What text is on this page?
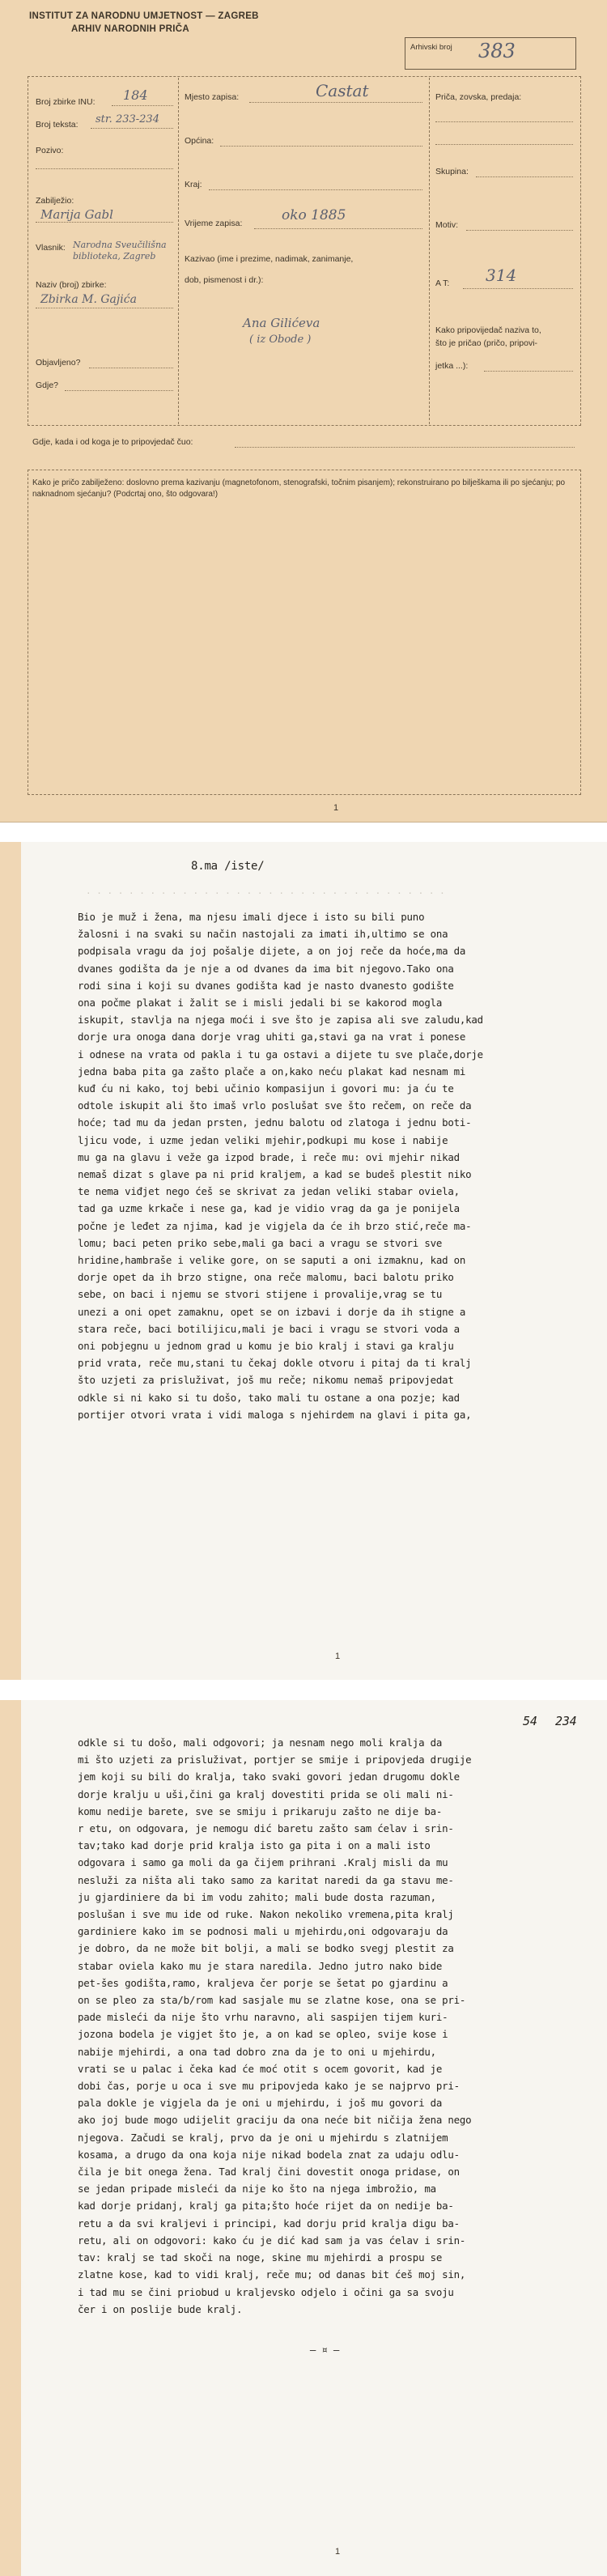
INSTITUT ZA NARODNU UMJETNOST — ZAGREB
ARHIV NARODNIH PRIČA
Arhivski broj 383
Broj zbirke INU: 184
Broj teksta: str. 233-234
Pozivo:
Zabilježio:
Marija Gabl
Vlasnik: Narodna Sveučilišna biblioteka, Zagreb
Naziv (broj) zbirke:
Zbirka M. Gajića
Objavljeno?
Gdje?
Mjesto zapisa:	Castat
Općina:
Kraj:
Vrijeme zapisa:	oko 1885
Kazivao (ime i prezime, nadimak, zanimanje,
dob, pismenost i dr.):
Ana Gilićeva
( iz Obode )
Priča, zovska, predaja:
Skupina:
Motiv:
A T: 314
Kako pripovijedač naziva to,
što je pričao (pričo, pripovi-
jetka ...):
Gdje, kada i od koga je to pripovjedač čuo:
Kako je pričo zabilježeno: doslovno prema kazivanju (magnetofonom, stenografski, točnim pisanjem); rekonstruirano po bilješkama ili po sjećanju; po naknadnom sjećanju? (Podcrtaj ono, što odgovara!)
1
8.ma /iste/
. . . . . . . . . . . . . . . . . . . . . . . . . . . . . . . . . .
Bio je muž i žena, ma njesu imali djece i isto su bili puno
žalosni i na svaki su način nastojali za imati ih,ultimo se ona
podpisala vragu da joj pošalje dijete, a on joj reče da hoće,ma da
dvanes godišta da je nje a od dvanes da ima bit njegovo.Tako ona
rodi sina i koji su dvanes godišta kad je nasto dvanesto godište
ona počme plakat i žalit se i misli jedali bi se kakorod mogla
iskupit, stavlja na njega moći i sve što je zapisa ali sve zaludu,kad
dorje ura onoga dana dorje vrag uhiti ga,stavi ga na vrat i ponese
i odnese na vrata od pakla i tu ga ostavi a dijete tu sve plače,dorje
jedna baba pita ga zašto plače a on,kako neću plakat kad nesnam mi
kuđ ću ni kako, toj bebi učinio kompasijun i govori mu: ja ću te
odtole iskupit ali što imaš vrlo poslušat sve što rečem, on reče da
hoće; tad mu da jedan prsten, jednu balotu od zlatoga i jednu boti-
ljicu vode, i uzme jedan veliki mjehir,podkupi mu kose i nabije
mu ga na glavu i veže ga izpod brade, i reče mu: ovi mjehir nikad
nemaš dizat s glave pa ni prid kraljem, a kad se budeš plestit niko
te nema viđjet nego ćeš se skrivat za jedan veliki stabar oviela,
tad ga uzme krkače i nese ga, kad je vidio vrag da ga je ponijela
počne je leđet za njima, kad je vigjela da će ih brzo stić,reče ma-
lomu; baci peten priko sebe,mali ga baci a vragu se stvori sve
hridine,hambraše i velike gore, on se saputi a oni izmaknu, kad on
dorje opet da ih brzo stigne, ona reče malomu, baci balotu priko
sebe, on baci i njemu se stvori stijene i provalije,vrag se tu
unezi a oni opet zamaknu, opet se on izbavi i dorje da ih stigne a
stara reče, baci botilijicu,mali je baci i vragu se stvori voda a
oni pobjegnu u jednom grad u komu je bio kralj i stavi ga kralju
prid vrata, reče mu,stani tu čekaj dokle otvoru i pitaj da ti kralj
što uzjeti za prisluživat, još mu reče; nikomu nemaš pripovjedat
odkle si ni kako si tu došo, tako mali tu ostane a ona pozje; kad
portijer otvori vrata i vidi maloga s njehirdem na glavi i pita ga,
1
54	234
odkle si tu došo, mali odgovori; ja nesnam nego moli kralja da
mi što uzjeti za prisluživat, portjer se smije i pripovjeda drugije
jem koji su bili do kralja, tako svaki govori jedan drugomu dokle
dorje kralju u uši,čini ga kralj dovestiti prida se oli mali ni-
komu nedije barete, sve se smiju i prikaruju zašto ne dije ba-
r etu, on odgovara, je nemogu dić baretu zašto sam ćelav i srin-
tav;tako kad dorje prid kralja isto ga pita i on a mali isto
odgovara i samo ga moli da ga čijem prihrani .Kralj misli da mu
nesluži za ništa ali tako samo za karitat naredi da ga stavu me-
ju gjardiniere da bi im vodu zahito; mali bude dosta razuman,
poslušan i sve mu ide od ruke. Nakon nekoliko vremena,pita kralj
gardiniere kako im se podnosi mali u mjehirdu,oni odgovaraju da
je dobro, da ne može bit bolji, a mali se bodko svegj plestit za
stabar oviela kako mu je stara naredila. Jedno jutro nako bide
pet-šes godišta,ramo, kraljeva čer porje se šetat po gjardinu a
on se pleo za sta/b/rom kad sasjale mu se zlatne kose, ona se pri-
pade misleći da nije što vrhu naravno, ali saspijen tijem kuri-
jozona bodela je vigjet što je, a on kad se opleo, svije kose i
nabije mjehirdi, a ona tad dobro zna da je to oni u mjehirdu,
vrati se u palac i čeka kad će moć otit s ocem govorit, kad je
dobi čas, porje u oca i sve mu pripovjeda kako je se najprvo pri-
pala dokle je vigjela da je oni u mjehirdu, i još mu govori da
ako joj bude mogo udijelit graciju da ona neće bit ničija žena nego
njegova. Začudi se kralj, prvo da je oni u mjehirdu s zlatnijem
kosama, a drugo da ona koja nije nikad bodela znat za udaju odlu-
čila je bit onega žena. Tad kralj čini dovestit onoga pridase, on
se jedan pripade misleći da nije ko što na njega imbrožio, ma
kad dorje pridanj, kralj ga pita;što hoće rijet da on nedije ba-
retu a da svi kraljevi i principi, kad dorju prid kralja digu ba-
retu, ali on odgovori: kako ću je dić kad sam ja vas ćelav i srin-
tav: kralj se tad skoči na noge, skine mu mjehirdi a prospu se
zlatne kose, kad to vidi kralj, reče mu; od danas bit ćeš moj sin,
i tad mu se čini priobud u kraljevsko odjelo i očini ga sa svoju
čer i on poslije bude kralj.
– ¤ –
1
